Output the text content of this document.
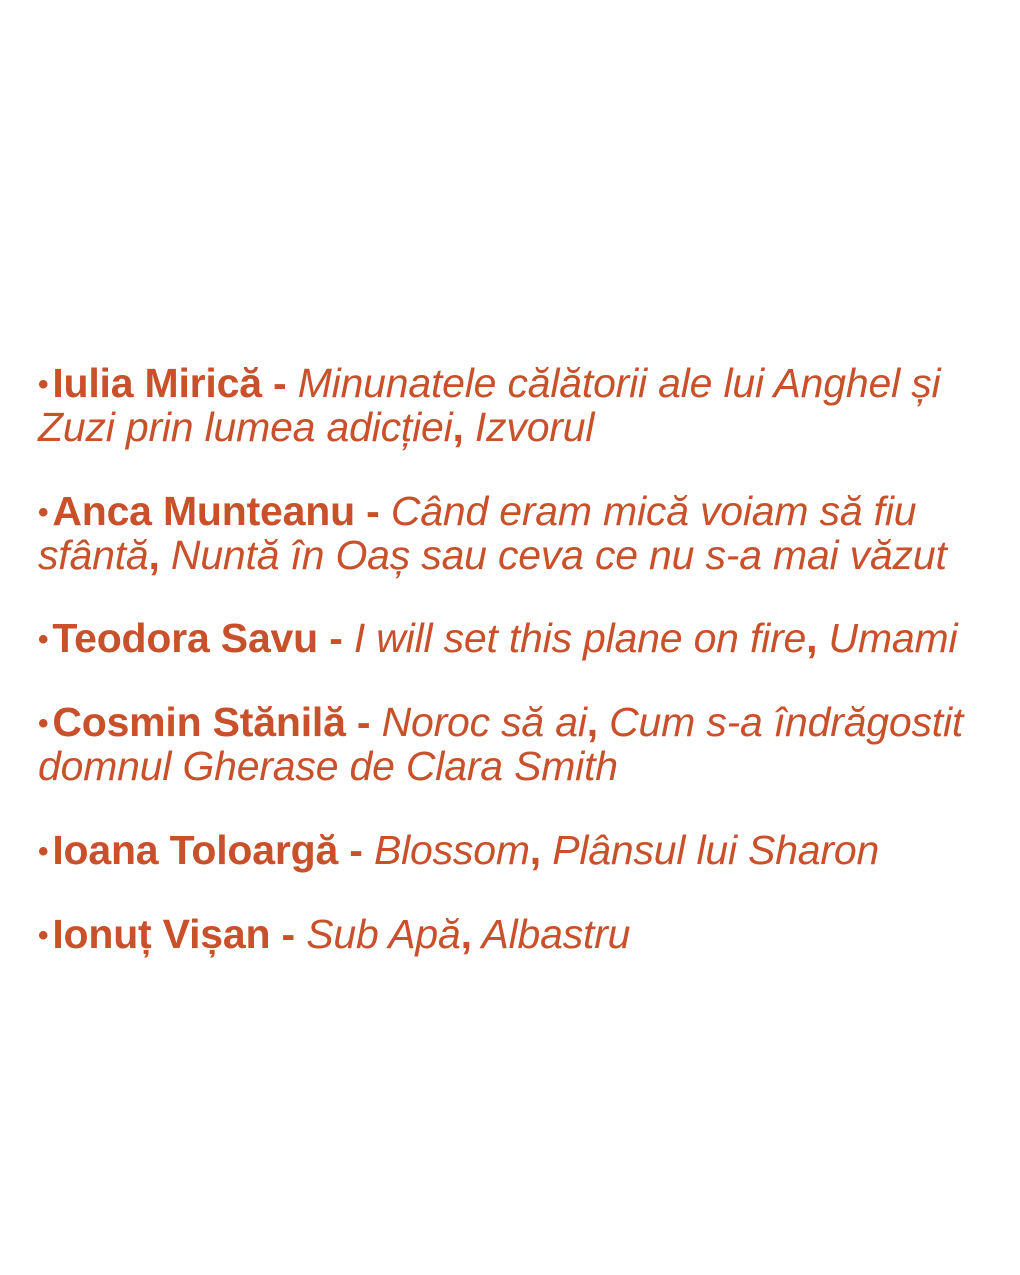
•Iulia Mirică - Minunatele călătorii ale lui Anghel și Zuzi prin lumea adicției, Izvorul
•Anca Munteanu - Când eram mică voiam să fiu sfântă, Nuntă în Oaș sau ceva ce nu s-a mai văzut
•Teodora Savu - I will set this plane on fire, Umami
•Cosmin Stănilă - Noroc să ai, Cum s-a îndrăgostit domnul Gherase de Clara Smith
•Ioana Toloargă - Blossom, Plânsul lui Sharon
•Ionuț Vișan - Sub Apă, Albastru
